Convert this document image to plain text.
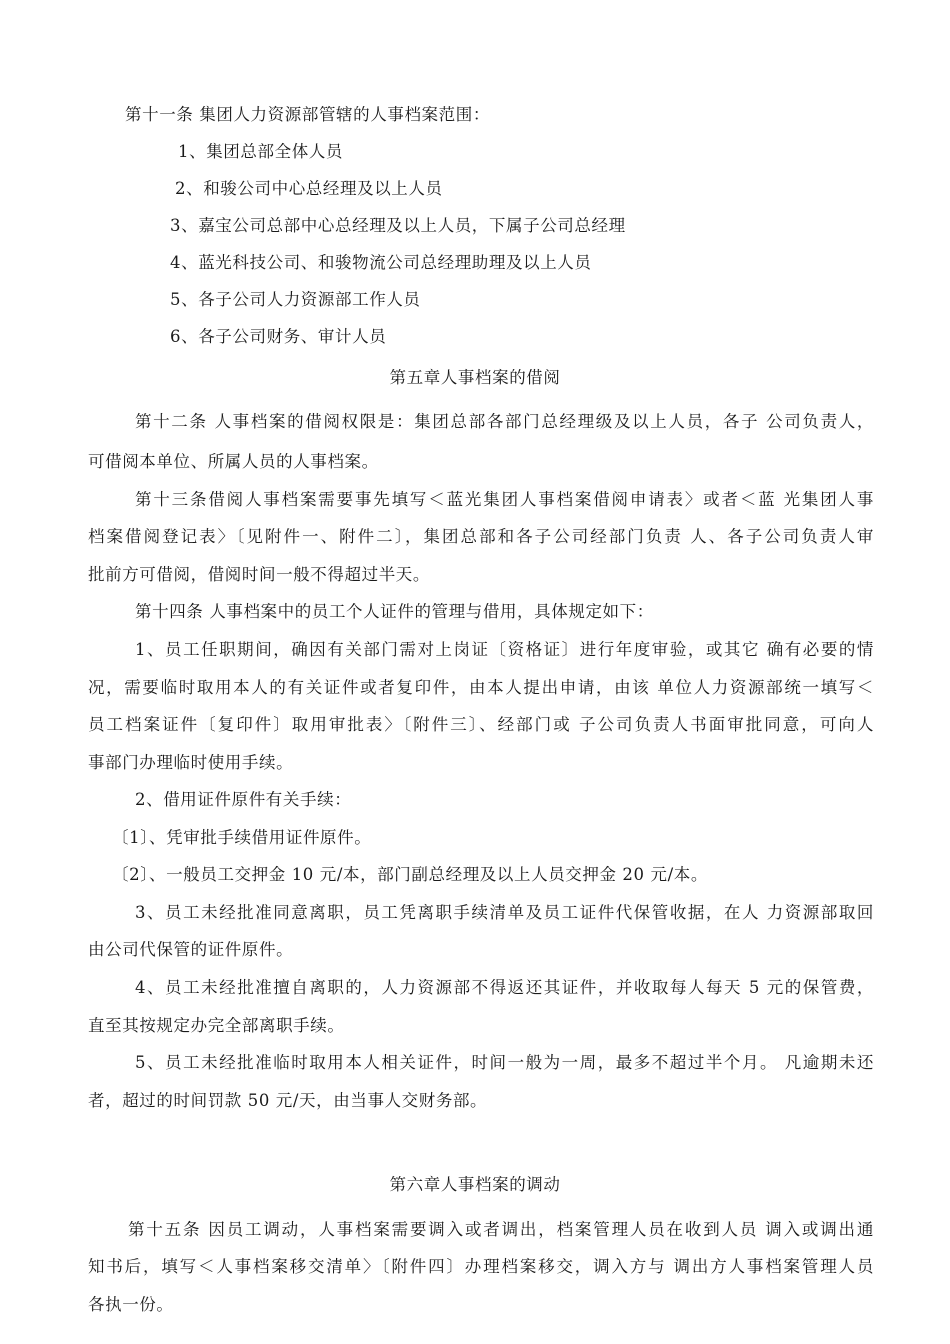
第十一条 集团人力资源部管辖的人事档案范围：
1、集团总部全体人员
2、和骏公司中心总经理及以上人员
3、嘉宝公司总部中心总经理及以上人员，下属子公司总经理
4、蓝光科技公司、和骏物流公司总经理助理及以上人员
5、各子公司人力资源部工作人员
6、各子公司财务、审计人员
第五章人事档案的借阅
第十二条 人事档案的借阅权限是：集团总部各部门总经理级及以上人员，各子 公司负责人，
可借阅本单位、所属人员的人事档案。
第十三条借阅人事档案需要事先填写＜蓝光集团人事档案借阅申请表〉或者＜蓝 光集团人事
档案借阅登记表〉〔见附件一、附件二〕，集团总部和各子公司经部门负责 人、各子公司负责人审
批前方可借阅，借阅时间一般不得超过半天。
第十四条 人事档案中的员工个人证件的管理与借用，具体规定如下：
1、员工任职期间，确因有关部门需对上岗证〔资格证〕进行年度审验，或其它 确有必要的情
况，需要临时取用本人的有关证件或者复印件，由本人提出申请，由该 单位人力资源部统一填写＜
员工档案证件〔复印件〕取用审批表〉〔附件三〕、经部门或 子公司负责人书面审批同意，可向人
事部门办理临时使用手续。
2、借用证件原件有关手续：
〔1〕、凭审批手续借用证件原件。
〔2〕、一般员工交押金 10 元/本，部门副总经理及以上人员交押金 20 元/本。
3、员工未经批准同意离职，员工凭离职手续清单及员工证件代保管收据，在人 力资源部取回
由公司代保管的证件原件。
4、员工未经批准擅自离职的，人力资源部不得返还其证件，并收取每人每天 5 元的保管费，
直至其按规定办完全部离职手续。
5、员工未经批准临时取用本人相关证件，时间一般为一周，最多不超过半个月。 凡逾期未还
者，超过的时间罚款 50 元/天，由当事人交财务部。
第六章人事档案的调动
第十五条 因员工调动，人事档案需要调入或者调出，档案管理人员在收到人员 调入或调出通
知书后，填写＜人事档案移交清单〉〔附件四〕办理档案移交，调入方与 调出方人事档案管理人员
各执一份。
